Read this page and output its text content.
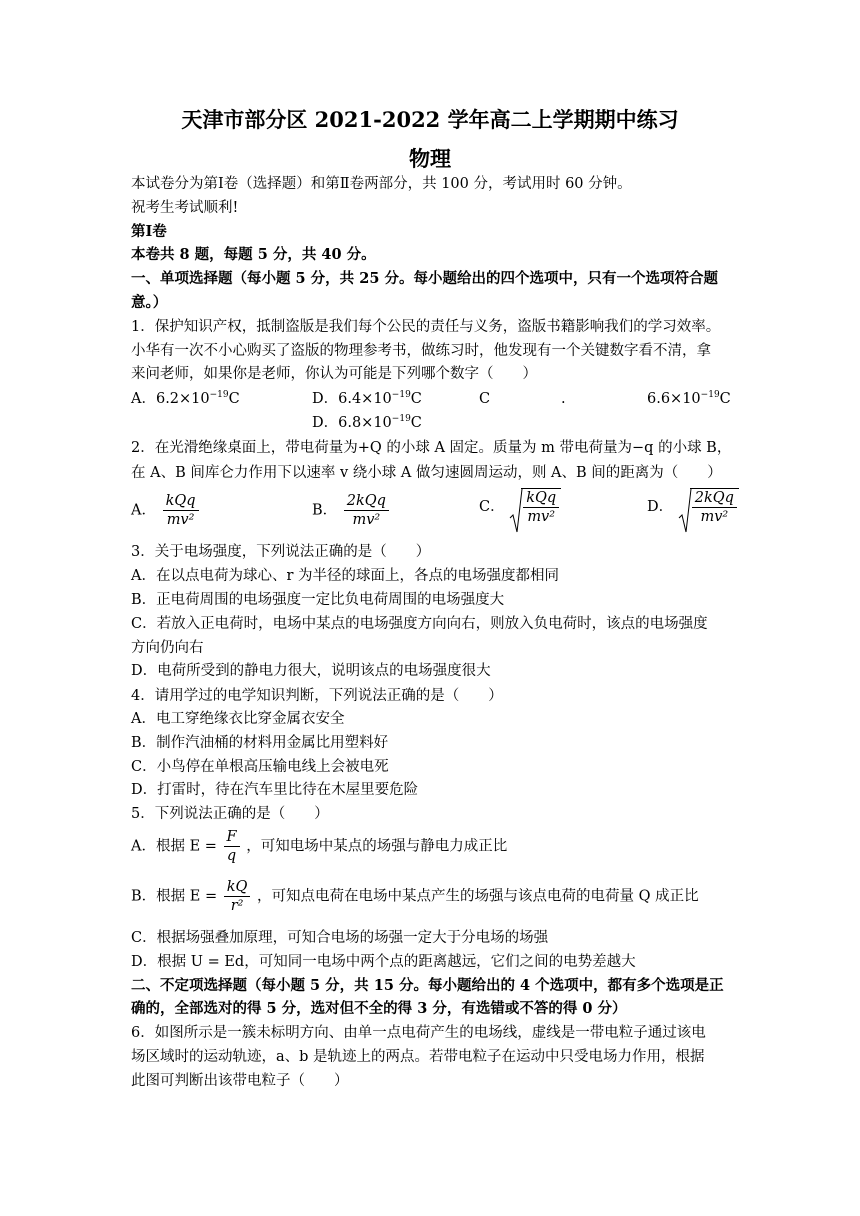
天津市部分区 2021-2022 学年高二上学期期中练习
物理
本试卷分为第Ⅰ卷（选择题）和第Ⅱ卷两部分，共 100 分，考试用时 60 分钟。
祝考生考试顺利!
第Ⅰ卷
本卷共 8 题，每题 5 分，共 40 分。
一、单项选择题（每小题 5 分，共 25 分。每小题给出的四个选项中，只有一个选项符合题
意。）
1．保护知识产权，抵制盗版是我们每个公民的责任与义务，盗版书籍影响我们的学习效率。
小华有一次不小心购买了盗版的物理参考书，做练习时，他发现有一个关键数字看不清，拿
来问老师，如果你是老师，你认为可能是下列哪个数字（　　）
A．$6.2\times 10^{-19}C$	D．$6.4\times 10^{-19}C$	C	.	$6.6\times 10^{-19}C$
D．$6.8\times 10^{-19}C$
2．在光滑绝缘桌面上，带电荷量为+Q 的小球 A 固定。质量为 m 带电荷量为−q 的小球 B，
在 A、B 间库仑力作用下以速率 v 绕小球 A 做匀速圆周运动，则 A、B 间的距离为（　　）
A． $\frac{\text{kQq}}{\text{mv²}}$	B． $\frac{\text{2kQq}}{\text{mv²}}$	C． $\frac{\text{kQq}}{\text{mv²}}$	D． $\frac{\text{2kQq}}{\text{mv²}}$
3．关于电场强度，下列说法正确的是（　　）
A．在以点电荷为球心、r 为半径的球面上，各点的电场强度都相同
B．正电荷周围的电场强度一定比负电荷周围的电场强度大
C．若放入正电荷时，电场中某点的电场强度方向向右，则放入负电荷时，该点的电场强度
方向仍向右
D．电荷所受到的静电力很大，说明该点的电场强度很大
4．请用学过的电学知识判断，下列说法正确的是（　　）
A．电工穿绝缘衣比穿金属衣安全
B．制作汽油桶的材料用金属比用塑料好
C．小鸟停在单根高压输电线上会被电死
D．打雷时，待在汽车里比待在木屋里要危险
5．下列说法正确的是（　　）
A．根据 $E = \frac{F}{q}$ ，可知电场中某点的场强与静电力成正比
B．根据 $E = \frac{kQ}{\text{r²}}$ ，可知点电荷在电场中某点产生的场强与该点电荷的电荷量 Q 成正比
C．根据场强叠加原理，可知合电场的场强一定大于分电场的场强
D．根据 U = Ed，可知同一电场中两个点的距离越远，它们之间的电势差越大
二、不定项选择题（每小题 5 分，共 15 分。每小题给出的 4 个选项中，都有多个选项是正
确的，全部选对的得 5 分，选对但不全的得 3 分，有选错或不答的得 0 分）
6．如图所示是一簇未标明方向、由单一点电荷产生的电场线，虚线是一带电粒子通过该电
场区域时的运动轨迹，a、b 是轨迹上的两点。若带电粒子在运动中只受电场力作用，根据
此图可判断出该带电粒子（　　）
